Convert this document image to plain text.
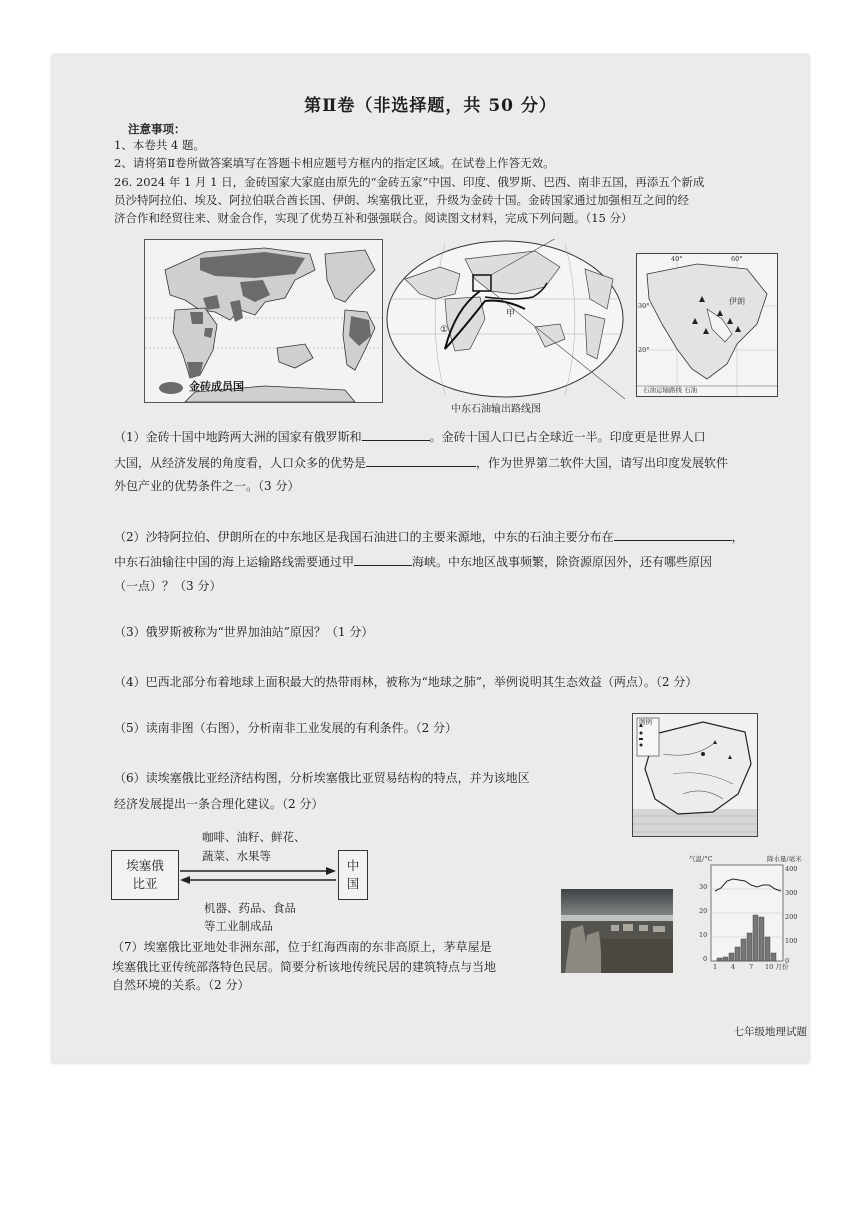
第Ⅱ卷（非选择题，共 50 分）
注意事项：
1、本卷共 4 题。
2、请将第Ⅱ卷所做答案填写在答题卡相应题号方框内的指定区域。在试卷上作答无效。
26. 2024 年 1 月 1 日，金砖国家大家庭由原先的“金砖五家”中国、印度、俄罗斯、巴西、南非五国，再添五个新成
员沙特阿拉伯、埃及、阿拉伯联合酋长国、伊朗、埃塞俄比亚，升级为金砖十国。金砖国家通过加强相互之间的经
济合作和经贸往来、财金合作，实现了优势互补和强强联合。阅读图文材料，完成下列问题。（15 分）
金砖成员国
①
甲
中东石油输出路线图
伊朗
30°
20°
40°	60°
石油运输路线 石油
（1）金砖十国中地跨两大洲的国家有俄罗斯和	。金砖十国人口已占全球近一半。印度更是世界人口
大国，从经济发展的角度看，人口众多的优势是	，作为世界第二软件大国，请写出印度发展软件
外包产业的优势条件之一。（3 分）
（2）沙特阿拉伯、伊朗所在的中东地区是我国石油进口的主要来源地，中东的石油主要分布在	，
中东石油输往中国的海上运输路线需要通过甲	海峡。中东地区战事频繁，除资源原因外，还有哪些原因
（一点）？（3 分）
（3）俄罗斯被称为“世界加油站”原因？（1 分）
（4）巴西北部分布着地球上面积最大的热带雨林，被称为“地球之肺”，举例说明其生态效益（两点）。（2 分）
（5）读南非图（右图），分析南非工业发展的有利条件。（2 分）	图例
（6）读埃塞俄比亚经济结构图，分析埃塞俄比亚贸易结构的特点，并为该地区
经济发展提出一条合理化建议。（2 分）
咖啡、油籽、鲜花、
蔬菜、水果等
埃塞俄
比亚
中
国
机器、药品、食品
等工业制成品
气温/°C	降水量/毫米
30
20
10
0
400
300
200
100
0
1 4 7 10 月份
（7）埃塞俄比亚地处非洲东部，位于红海西南的东非高原上，茅草屋是
埃塞俄比亚传统部落特色民居。简要分析该地传统民居的建筑特点与当地
自然环境的关系。（2 分）
七年级地理试题
